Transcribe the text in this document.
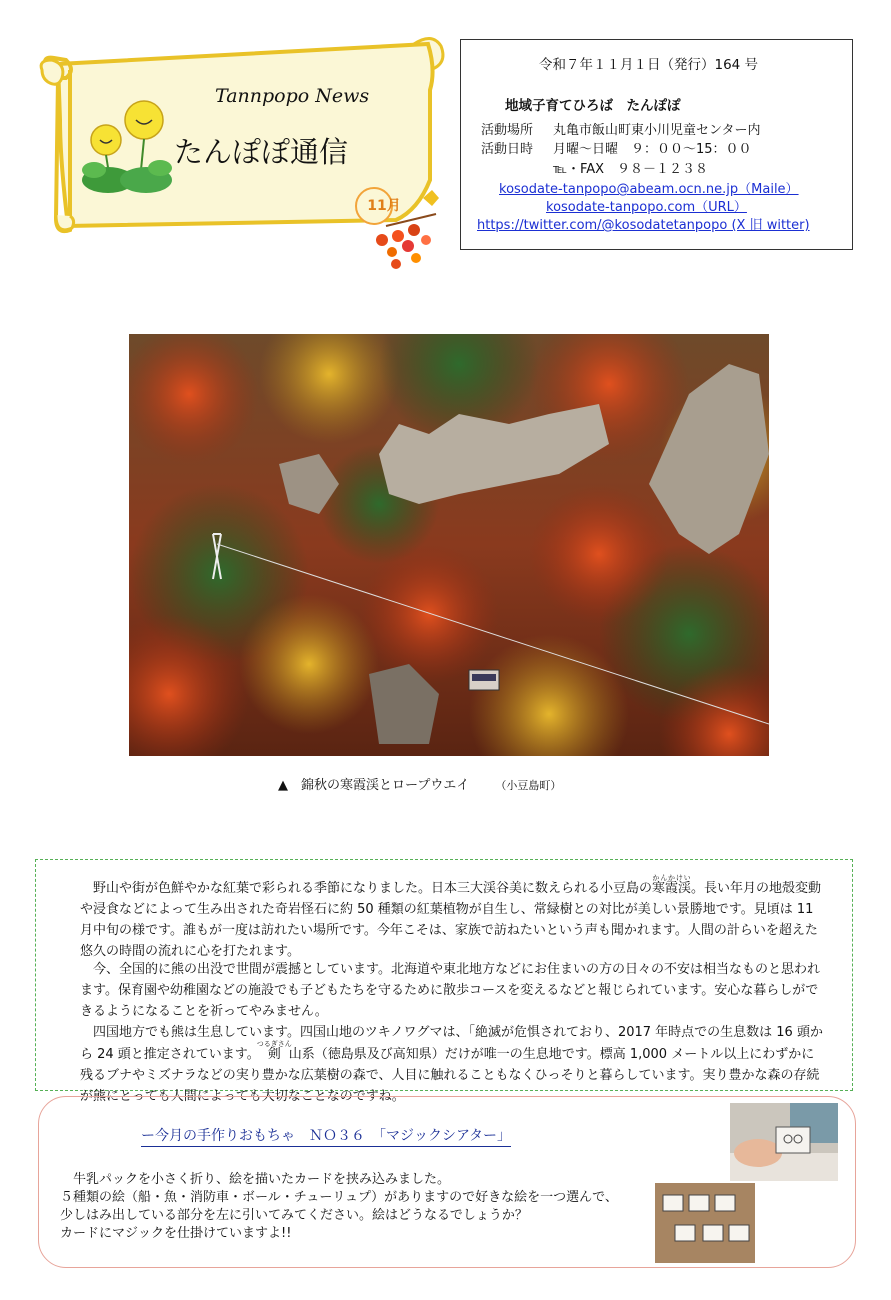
11月
Tannpopo News
たんぽぽ通信
令和７年１１月１日（発行）164 号
地域子育てひろば　たんぽぽ
活動場所 丸亀市飯山町東小川児童センター内
活動日時 月曜～日曜　９：００～15：００
℡・FAX　９８－１２３８
kosodate-tanpopo@abeam.ocn.ne.jp（Maile）
kosodate-tanpopo.com（URL）
https://twitter.com/@kosodatetanpopo (X 旧 witter)
▲　錦秋の寒霞渓とロープウエイ （小豆島町）

野山や街が色鮮やかな紅葉で彩られる季節になりました。日本三大渓谷美に数えられる小豆島の寒霞渓かんかけい。長い年月の地殻変動や浸食などによって生み出された奇岩怪石に約 50 種類の紅葉植物が自生し、常緑樹との対比が美しい景勝地です。見頃は 11 月中旬の様です。誰もが一度は訪れたい場所です。今年こそは、家族で訪ねたいという声も聞かれます。人間の計らいを超えた悠久の時間の流れに心を打たれます。

今、全国的に熊の出没で世間が震撼としています。北海道や東北地方などにお住まいの方の日々の不安は相当なものと思われます。保育園や幼稚園などの施設でも子どもたちを守るために散歩コースを変えるなどと報じられています。安心な暮らしができるようになることを祈ってやみません。

四国地方でも熊は生息しています。四国山地のツキノワグマは、「絶滅が危惧されており、2017 年時点での生息数は 16 頭から 24 頭と推定されています。剣つるぎさん山系（徳島県及び高知県）だけが唯一の生息地です。標高 1,000 メートル以上にわずかに残るブナやミズナラなどの実り豊かな広葉樹の森で、人目に触れることもなくひっそりと暮らしています。実り豊かな森の存続が熊にとっても人間によっても大切なことなのですね。

ー今月の手作りおもちゃ　ＮＯ３６　「マジックシアター」
　牛乳パックを小さく折り、絵を描いたカードを挟み込みました。
５種類の絵（船・魚・消防車・ボール・チューリュプ）がありますので好きな絵を一つ選んで、
少しはみ出している部分を左に引いてみてください。絵はどうなるでしょうか？
カードにマジックを仕掛けていますよ!!
